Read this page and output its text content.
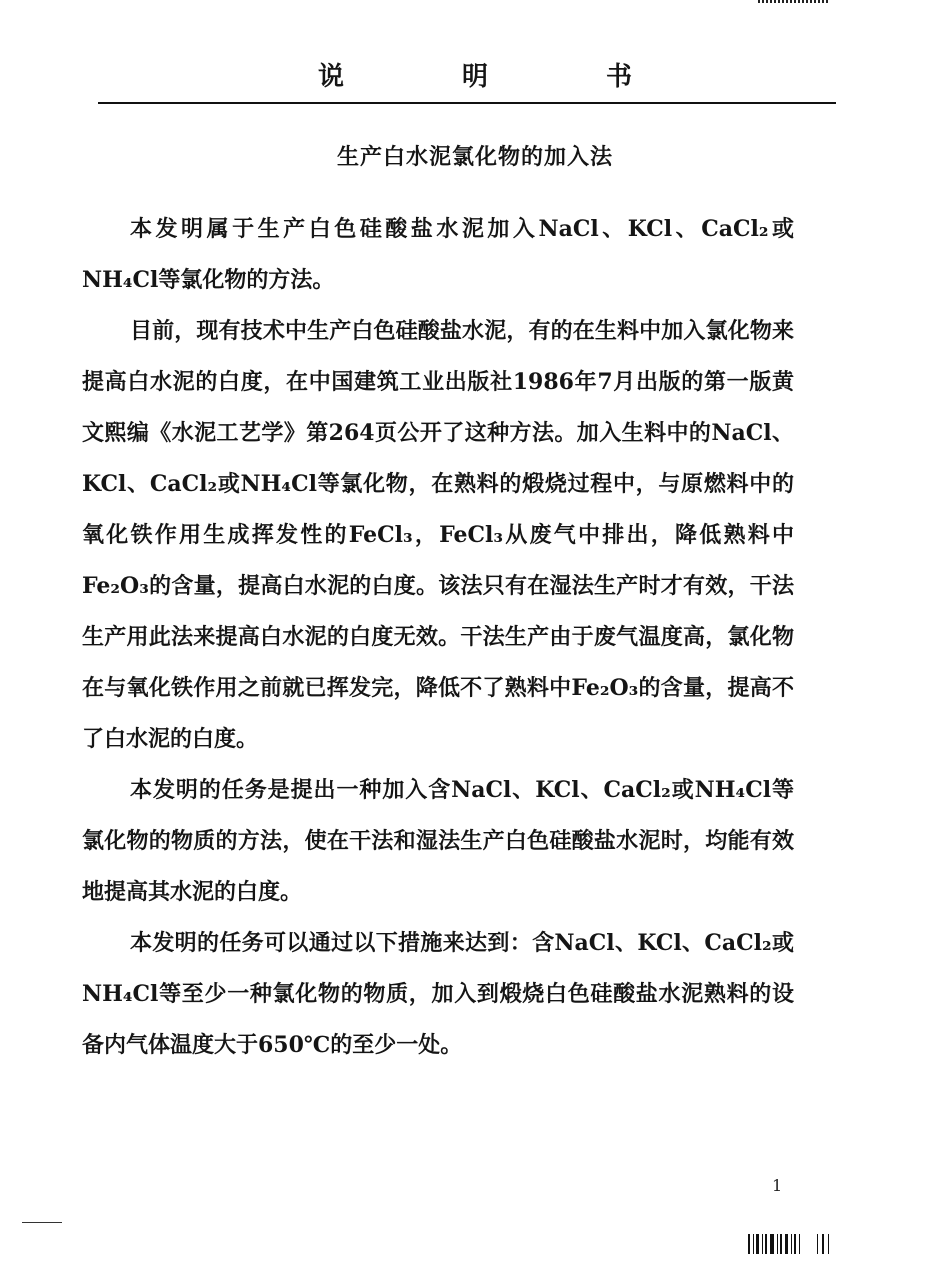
说明书
生产白水泥氯化物的加入法

本发明属于生产白色硅酸盐水泥加入NaCl、KCl、CaCl₂或NH₄Cl等氯化物的方法。

目前，现有技术中生产白色硅酸盐水泥，有的在生料中加入氯化物来提高白水泥的白度，在中国建筑工业出版社1986年7月出版的第一版黄文熙编《水泥工艺学》第264页公开了这种方法。加入生料中的NaCl、KCl、CaCl₂或NH₄Cl等氯化物，在熟料的煅烧过程中，与原燃料中的氧化铁作用生成挥发性的FeCl₃，FeCl₃从废气中排出，降低熟料中Fe₂O₃的含量，提高白水泥的白度。该法只有在湿法生产时才有效，干法生产用此法来提高白水泥的白度无效。干法生产由于废气温度高，氯化物在与氧化铁作用之前就已挥发完，降低不了熟料中Fe₂O₃的含量，提高不了白水泥的白度。

本发明的任务是提出一种加入含NaCl、KCl、CaCl₂或NH₄Cl等氯化物的物质的方法，使在干法和湿法生产白色硅酸盐水泥时，均能有效地提高其水泥的白度。

本发明的任务可以通过以下措施来达到：含NaCl、KCl、CaCl₂或NH₄Cl等至少一种氯化物的物质，加入到煅烧白色硅酸盐水泥熟料的设备内气体温度大于650℃的至少一处。

1
